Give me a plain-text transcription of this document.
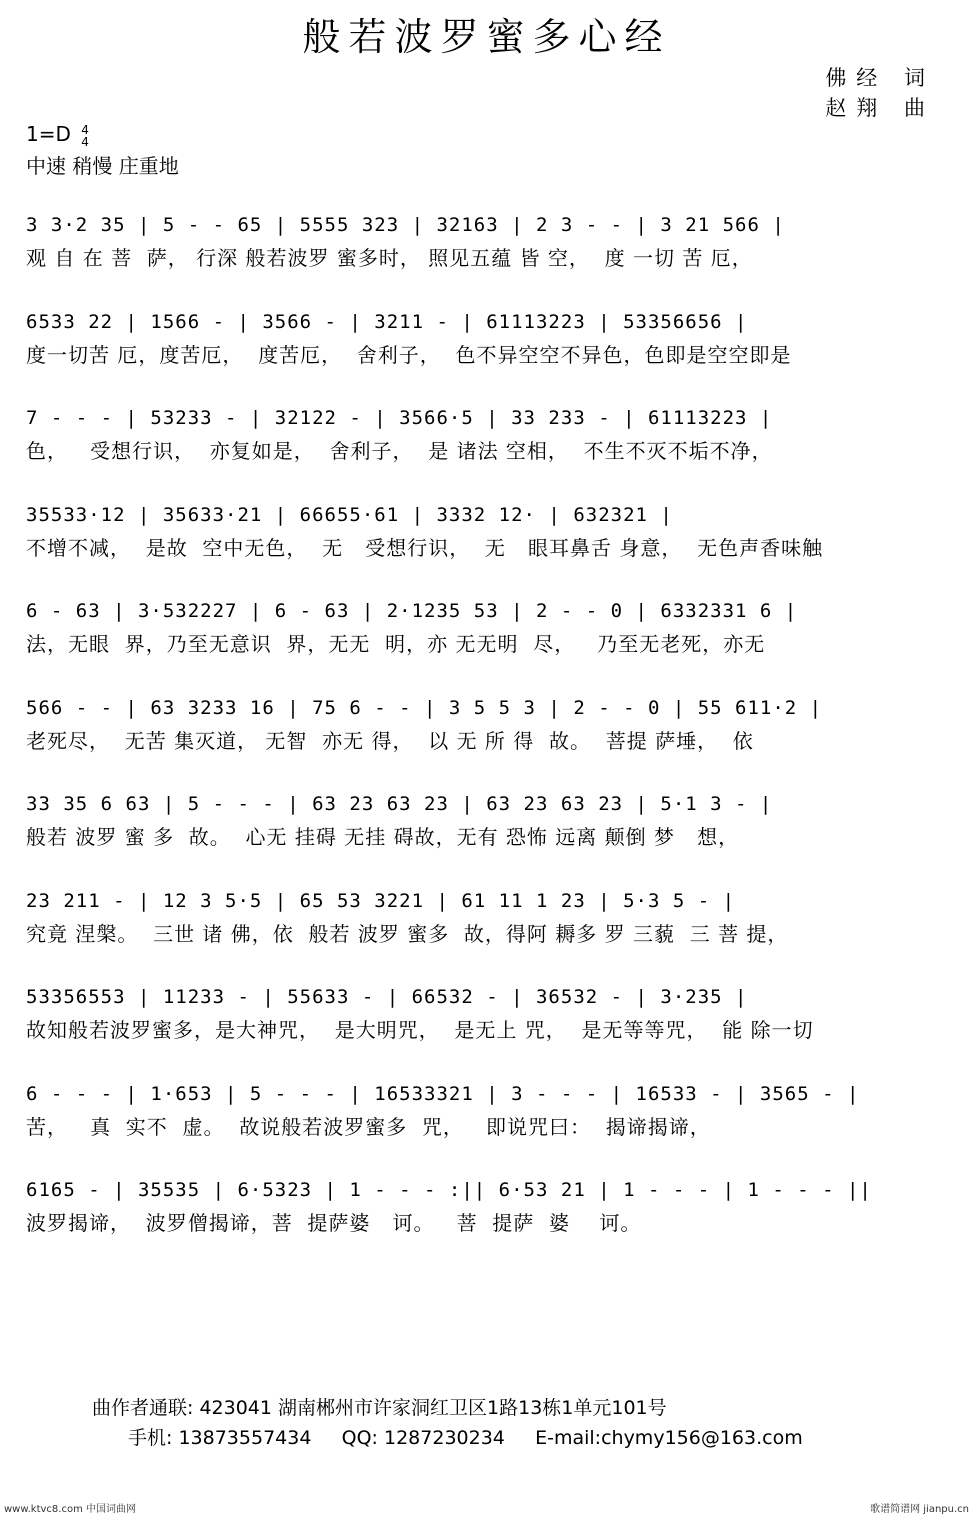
般若波罗蜜多心经
佛经 词
赵翔 曲
1=D 4
4
中速 稍慢 庄重地
3 3·2 35 | 5 - - 65 | 5555 323 | 32163 | 2 3 - - | 3 21 566 |
观 自 在 菩  萨， 行深 般若波罗 蜜多时， 照见五蕴 皆 空，  度 一切 苦 厄，
6533 22 | 1566 - | 3566 - | 3211 - | 61113223 | 53356656 |
度一切苦 厄，度苦厄，  度苦厄，  舍利子，  色不异空空不异色，色即是空空即是
7 - - - | 53233 - | 32122 - | 3566·5 | 33 233 - | 61113223 |
色，   受想行识，  亦复如是，  舍利子，  是 诸法 空相，  不生不灭不垢不净，
35533·12 | 35633·21 | 66655·61 | 3332 12· | 632321 |
不增不减，  是故  空中无色，  无   受想行识，  无   眼耳鼻舌 身意，  无色声香味触
6 - 63 | 3·532227 | 6 - 63 | 2·1235 53 | 2 - - 0 | 6332331 6 |
法，无眼  界，乃至无意识  界，无无  明，亦 无无明  尽，   乃至无老死，亦无
566 - - | 63 3233 16 | 75 6 - - | 3 5 5 3 | 2 - - 0 | 55 611·2 |
老死尽，  无苦 集灭道， 无智  亦无 得，  以 无 所 得  故。  菩提 萨埵，  依
33 35 6 63 | 5 - - - | 63 23 63 23 | 63 23 63 23 | 5·1 3 - |
般若 波罗 蜜 多  故。  心无 挂碍 无挂 碍故，无有 恐怖 远离 颠倒 梦   想，
23 211 - | 12 3 5·5 | 65 53 3221 | 61 11 1 23 | 5·3 5 - |
究竟 涅槃。  三世 诸 佛，依  般若 波罗 蜜多  故，得阿 耨多 罗 三藐  三 菩 提，
53356553 | 11233 - | 55633 - | 66532 - | 36532 - | 3·235 |
故知般若波罗蜜多，是大神咒，  是大明咒，  是无上 咒，  是无等等咒，  能 除一切
6 - - - | 1·653 | 5 - - - | 16533321 | 3 - - - | 16533 - | 3565 - |
苦，   真  实不  虚。  故说般若波罗蜜多  咒，   即说咒曰：  揭谛揭谛，
6165 - | 35535 | 6·5323 | 1 - - - :|| 6·53 21 | 1 - - - | 1 - - - ||
波罗揭谛，  波罗僧揭谛，菩  提萨婆   诃。   菩  提萨  婆    诃。
曲作者通联: 423041 湖南郴州市许家洞红卫区1路13栋1单元101号
手机: 13873557434 QQ: 1287230234 E-mail:chymy156@163.com
www.ktvc8.com 中国词曲网	歌谱简谱网 jianpu.cn
